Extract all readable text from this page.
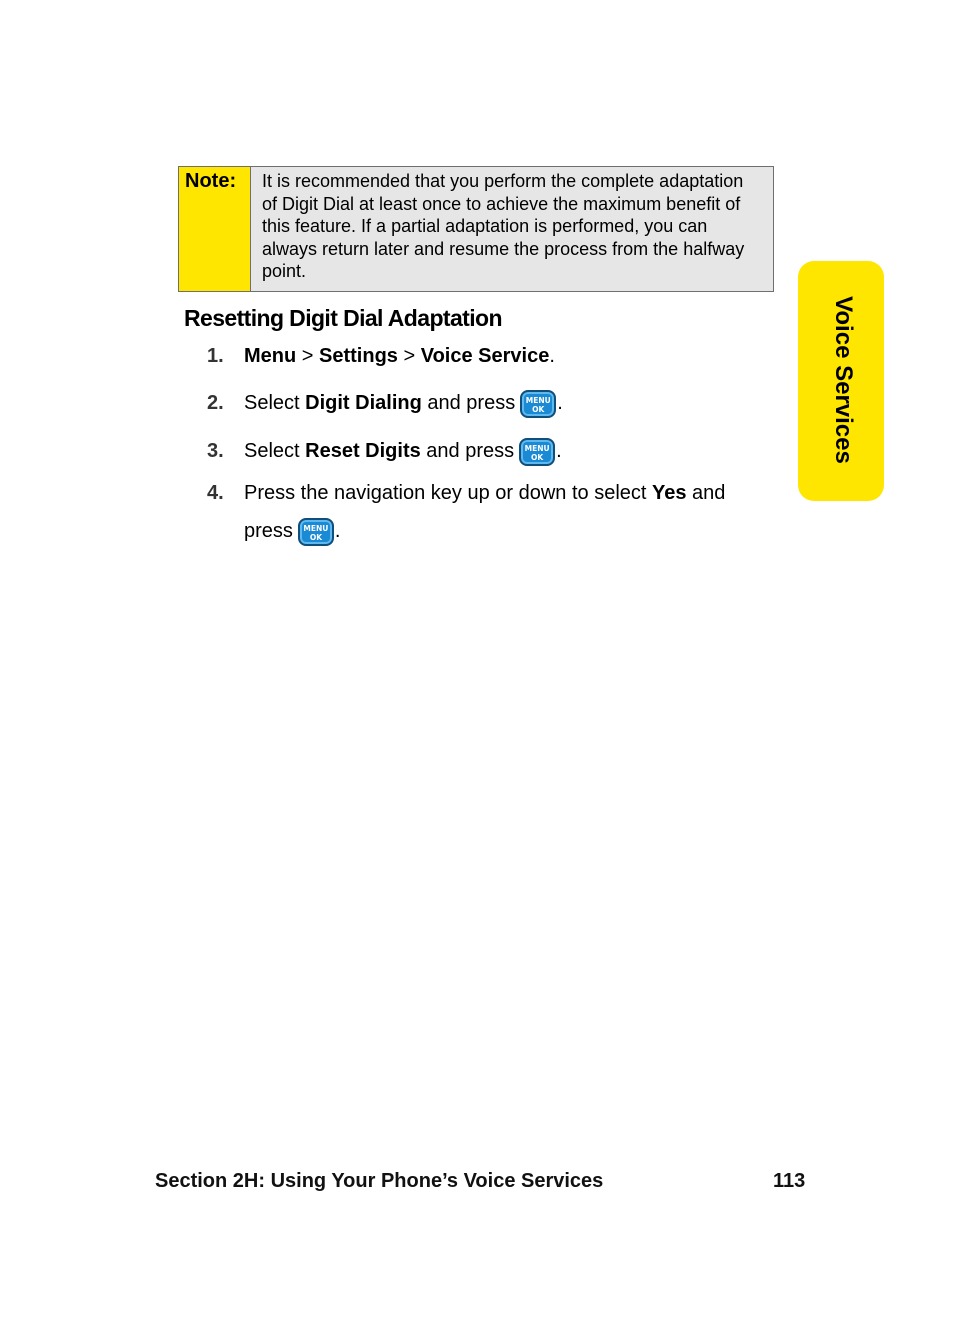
Note:	It is recommended that you perform the complete adaptation of Digit Dial at least once to achieve the maximum benefit of this feature. If a partial adaptation is performed, you can always return later and resume the process from the halfway point.
Resetting Digit Dial Adaptation
1. Menu > Settings > Voice Service.
2. Select Digit Dialing and press	MENU
OK .
3. Select Reset Digits and press	MENU
OK .
4. Press the navigation key up or down to select Yes and press	MENU
OK .
Voice Services
Section 2H: Using Your Phone’s Voice Services	113
